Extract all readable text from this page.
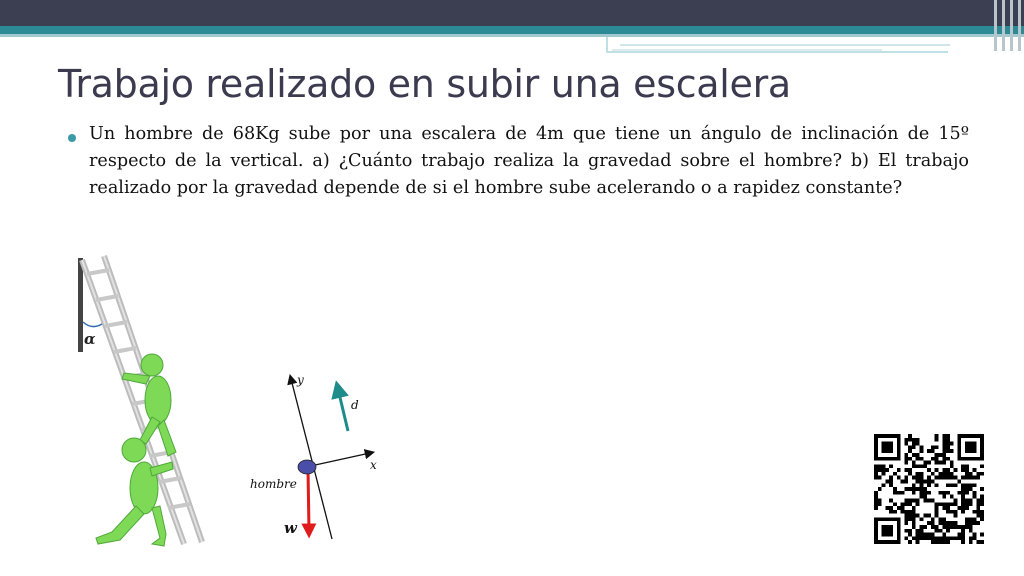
Trabajo realizado en subir una escalera

Un hombre de 68Kg sube por una escalera de 4m que tiene un ángulo de inclinación de 15º respecto de la vertical. a) ¿Cuánto trabajo realiza la gravedad sobre el hombre? b) El trabajo realizado por la gravedad depende de si el hombre sube acelerando o a rapidez constante?

α
y
x
d
hombre
w
